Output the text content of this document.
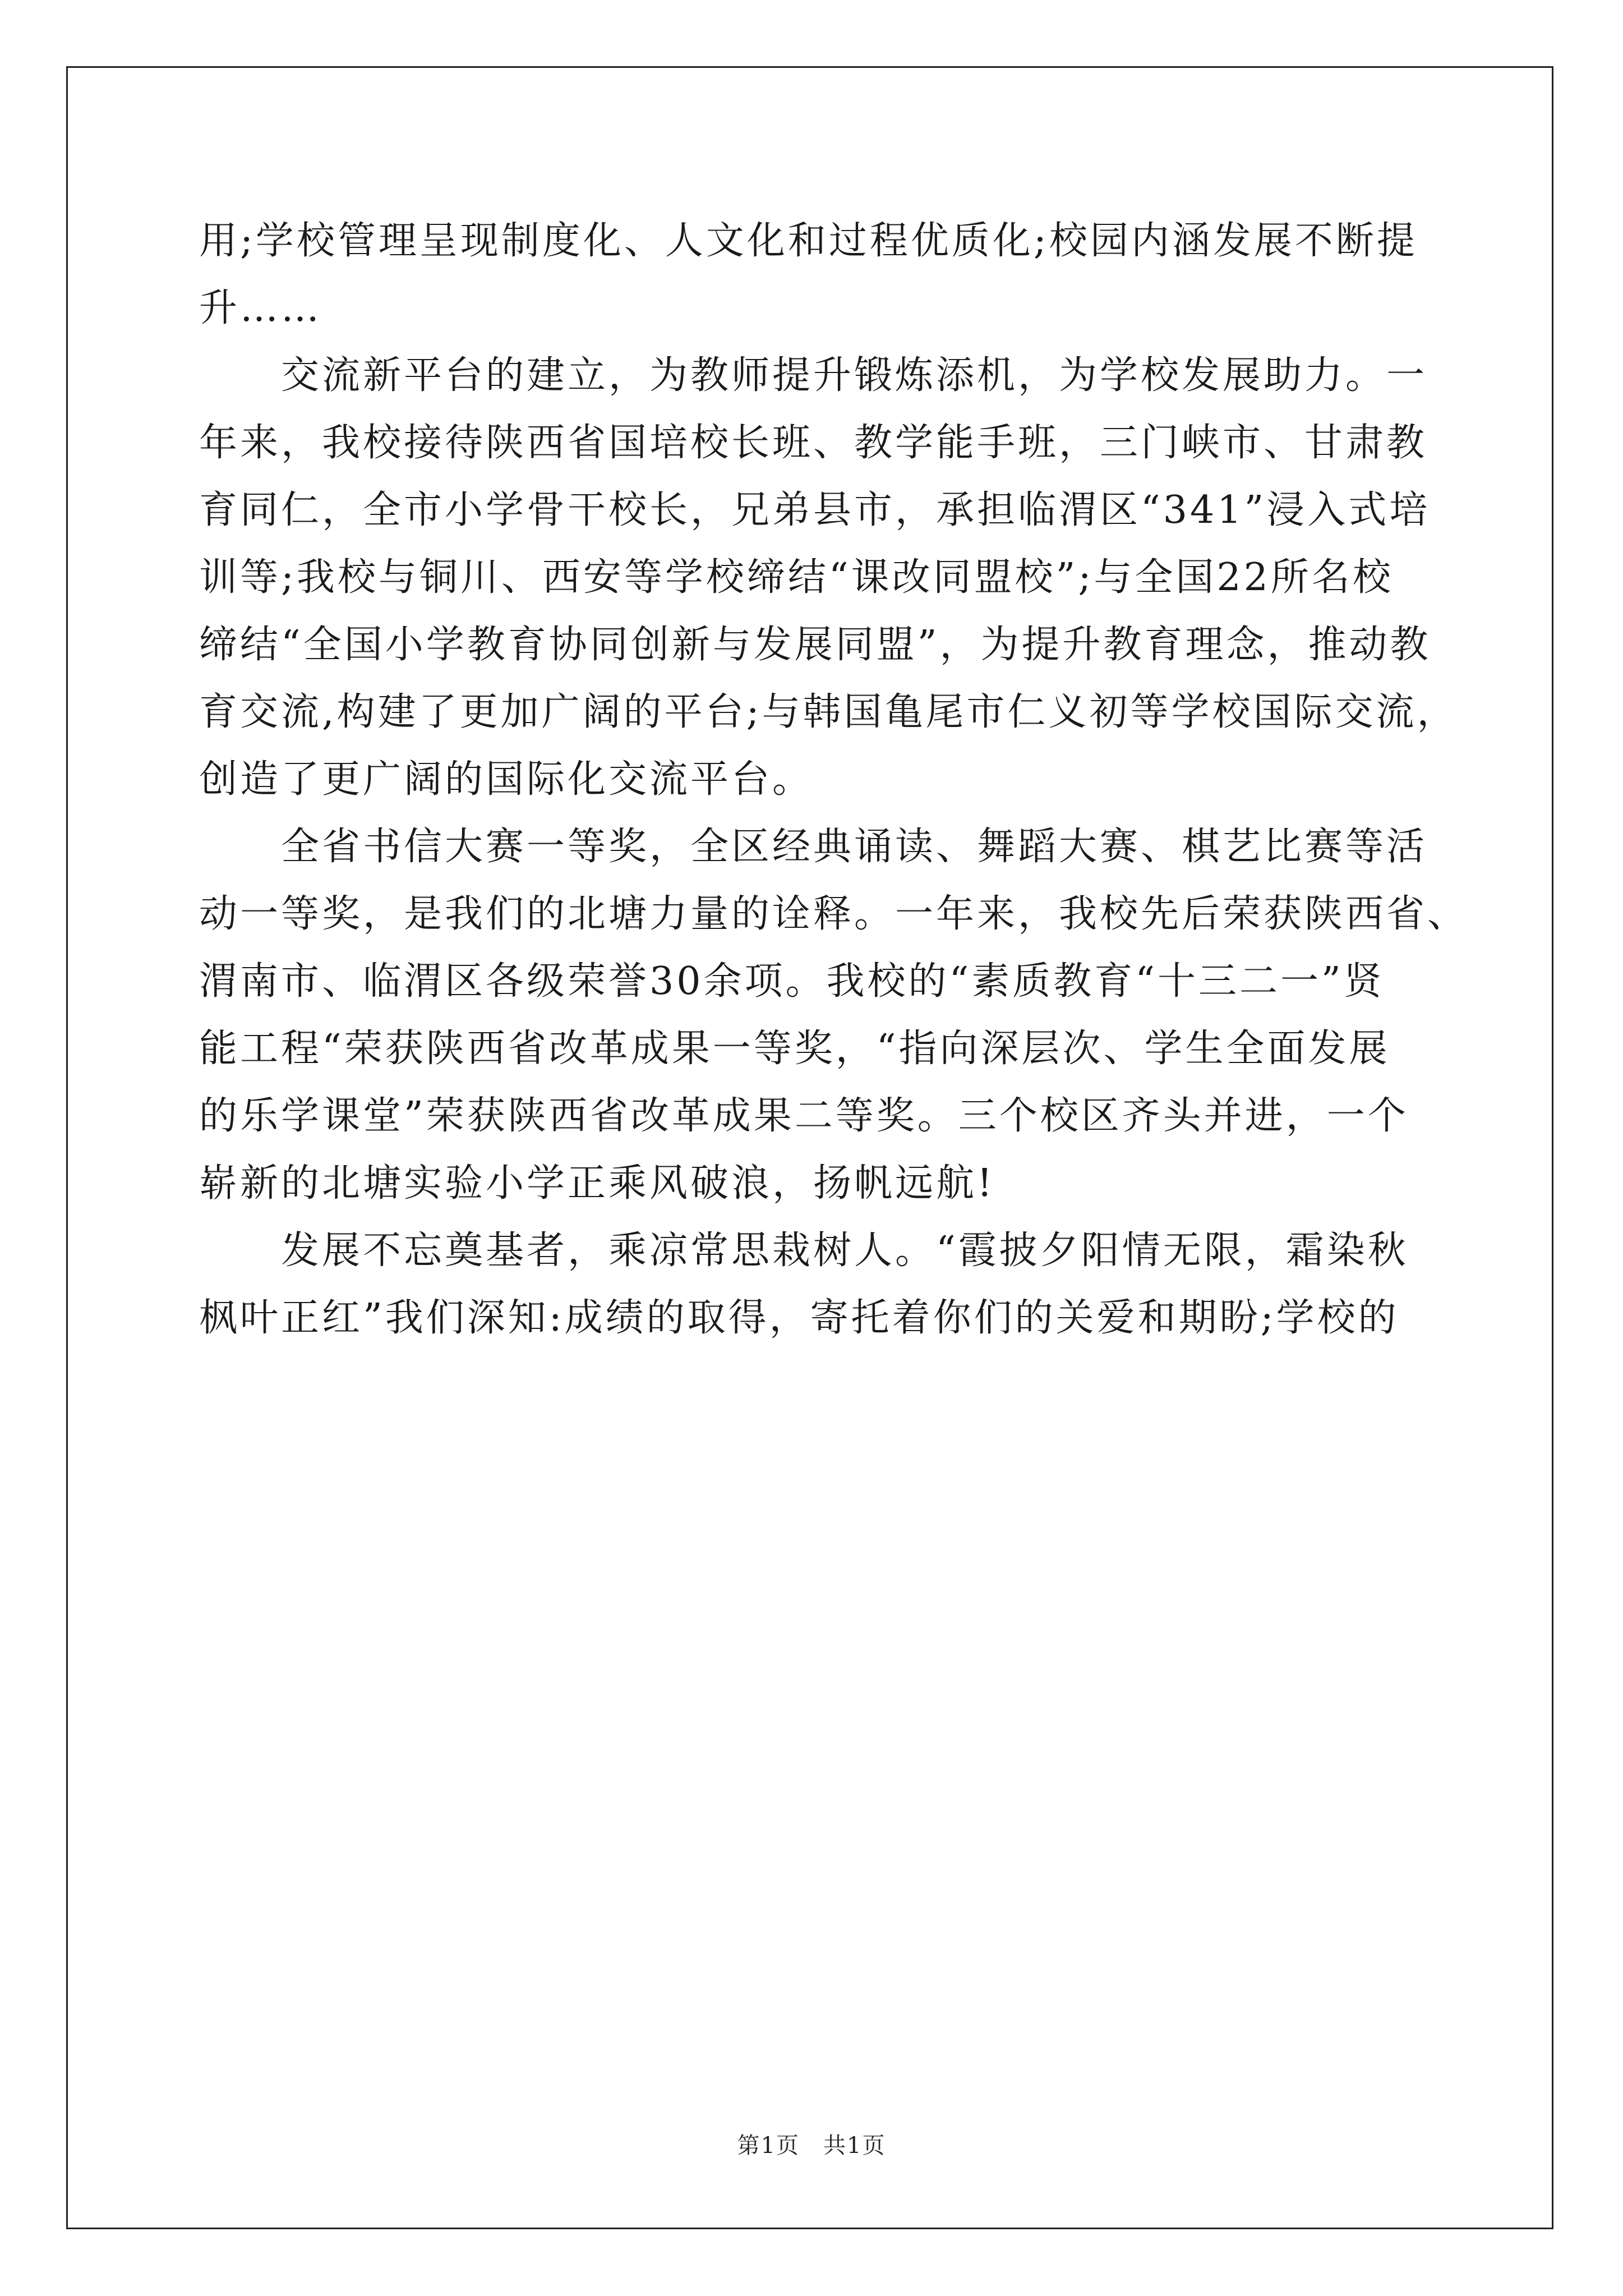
用;学校管理呈现制度化、人文化和过程优质化;校园内涵发展不断提
升……
　　交流新平台的建立，为教师提升锻炼添机，为学校发展助力。一
年来，我校接待陕西省国培校长班、教学能手班，三门峡市、甘肃教
育同仁，全市小学骨干校长，兄弟县市，承担临渭区“341”浸入式培
训等;我校与铜川、西安等学校缔结“课改同盟校”;与全国22所名校
缔结“全国小学教育协同创新与发展同盟”，为提升教育理念，推动教
育交流,构建了更加广阔的平台;与韩国亀尾市仁义初等学校国际交流，
创造了更广阔的国际化交流平台。
　　全省书信大赛一等奖，全区经典诵读、舞蹈大赛、棋艺比赛等活
动一等奖，是我们的北塘力量的诠释。一年来，我校先后荣获陕西省、
渭南市、临渭区各级荣誉30余项。我校的“素质教育“十三二一”贤
能工程“荣获陕西省改革成果一等奖，“指向深层次、学生全面发展
的乐学课堂”荣获陕西省改革成果二等奖。三个校区齐头并进，一个
崭新的北塘实验小学正乘风破浪，扬帆远航!
　　发展不忘奠基者，乘凉常思栽树人。“霞披夕阳情无限，霜染秋
枫叶正红”我们深知:成绩的取得，寄托着你们的关爱和期盼;学校的
第1页　共1页
